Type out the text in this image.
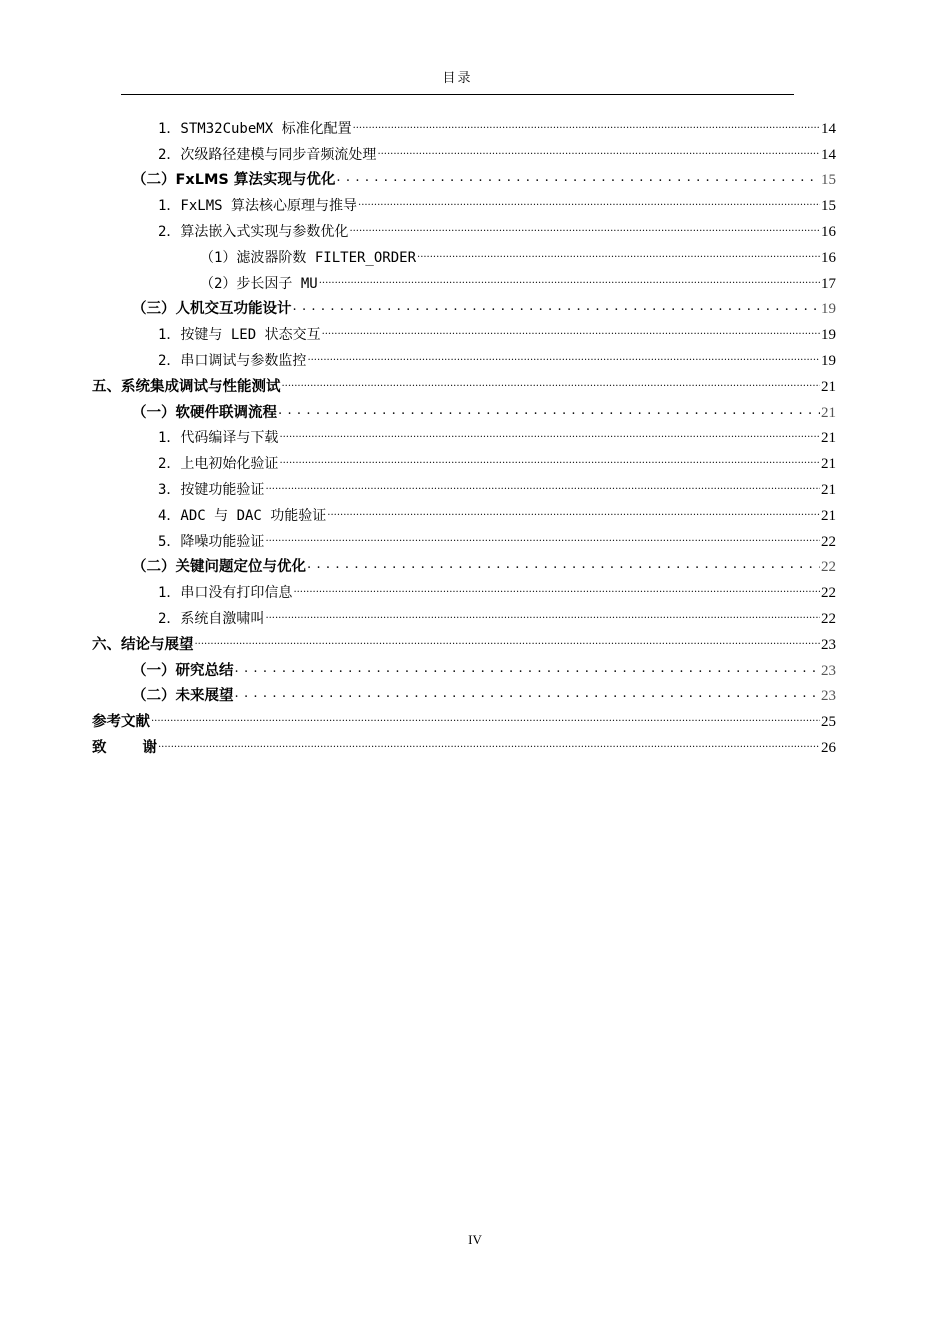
目录
1．STM32CubeMX 标准化配置 .....	14
2．次级路径建模与同步音频流处理 .....	14
（二）FxLMS 算法实现与优化 . . .	15
1．FxLMS 算法核心原理与推导 .....	15
2．算法嵌入式实现与参数优化 .....	16
（1）滤波器阶数 FILTER_ORDER .....	16
（2）步长因子 MU .....	17
（三）人机交互功能设计 . . .	19
1．按键与 LED 状态交互 .....	19
2．串口调试与参数监控 .....	19
五、系统集成调试与性能测试 .....	21
（一）软硬件联调流程 . . .	21
1．代码编译与下载 .....	21
2．上电初始化验证 .....	21
3．按键功能验证 .....	21
4．ADC 与 DAC 功能验证 .....	21
5．降噪功能验证 .....	22
（二）关键问题定位与优化 . . .	22
1．串口没有打印信息 .....	22
2．系统自激啸叫 .....	22
六、结论与展望 .....	23
（一）研究总结 . . .	23
（二）未来展望 . . .	23
参考文献 .....	25
致 谢 .....	26
IV
